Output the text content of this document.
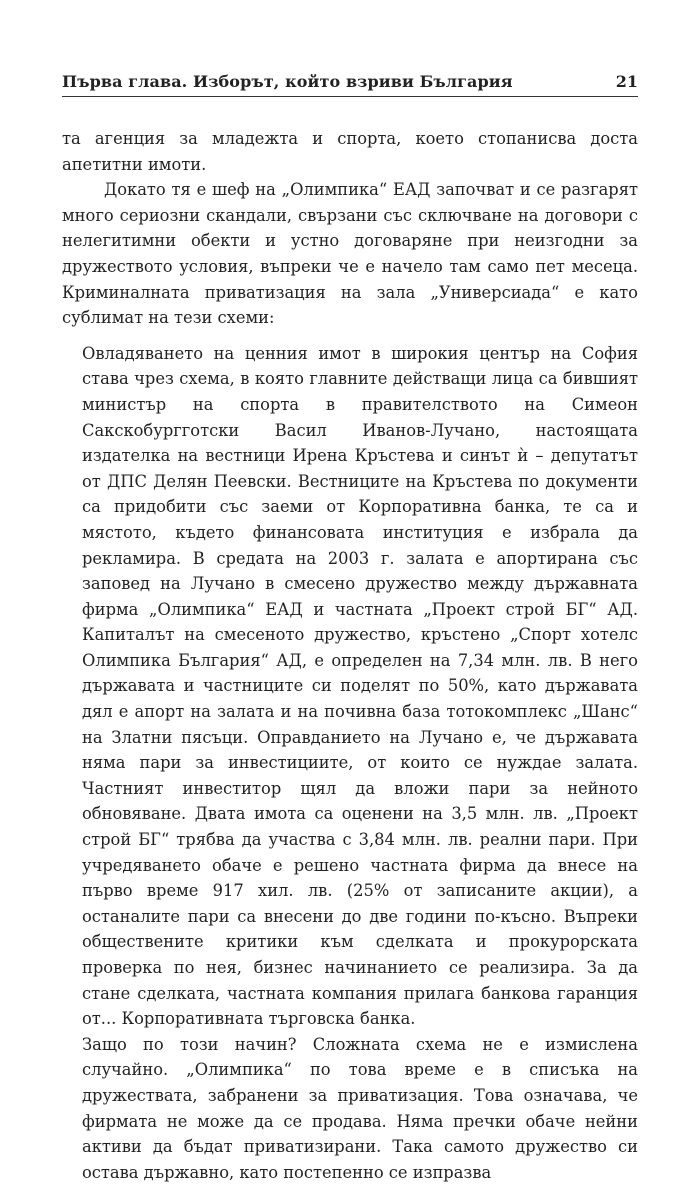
Първа глава. Изборът, който взриви България	21

та агенция за младежта и спорта, което стопанисва доста апетитни имоти.

Докато тя е шеф на „Олимпика“ ЕАД започват и се разгарят много сериозни скандали, свързани със сключване на договори с нелегитимни обекти и устно договаряне при неизгодни за дружеството условия, въпреки че е начело там само пет месеца. Криминалната приватизация на зала „Универсиада“ е като сублимат на тези схеми:

Овладяването на ценния имот в широкия център на София става чрез схема, в която главните действащи лица са бившият министър на спорта в правителството на Симеон Сакскобургготски Васил Иванов-Лучано, настоящата издателка на вестници Ирена Кръстева и синът ѝ – депутатът от ДПС Делян Пеевски. Вестниците на Кръстева по документи са придобити със заеми от Корпоративна банка, те са и мястото, където финансовата институция е избрала да рекламира. В средата на 2003 г. залата е апортирана със заповед на Лучано в смесено дружество между държавната фирма „Олимпика“ ЕАД и частната „Проект строй БГ“ АД. Капиталът на смесеното дружество, кръстено „Спорт хотелс Олимпика България“ АД, е определен на 7,34 млн. лв. В него държавата и частниците си поделят по 50%, като държавата дял е апорт на залата и на почивна база тотокомплекс „Шанс“ на Златни пясъци. Оправданието на Лучано е, че държавата няма пари за инвестициите, от които се нуждае залата. Частният инвеститор щял да вложи пари за нейното обновяване. Двата имота са оценени на 3,5 млн. лв. „Проект строй БГ“ трябва да участва с 3,84 млн. лв. реални пари. При учредяването обаче е решено частната фирма да внесе на първо време 917 хил. лв. (25% от записаните акции), а останалите пари са внесени до две години по-късно. Въпреки обществените критики към сделката и прокурорската проверка по нея, бизнес начинанието се реализира. За да стане сделката, частната компания прилага банкова гаранция от... Корпоративната търговска банка.

Защо по този начин? Сложната схема не е измислена случайно. „Олимпика“ по това време е в списъка на дружествата, забранени за приватизация. Това означава, че фирмата не може да се продава. Няма пречки обаче нейни активи да бъдат приватизирани. Така самото дружество си остава държавно, като постепенно се изпразва
